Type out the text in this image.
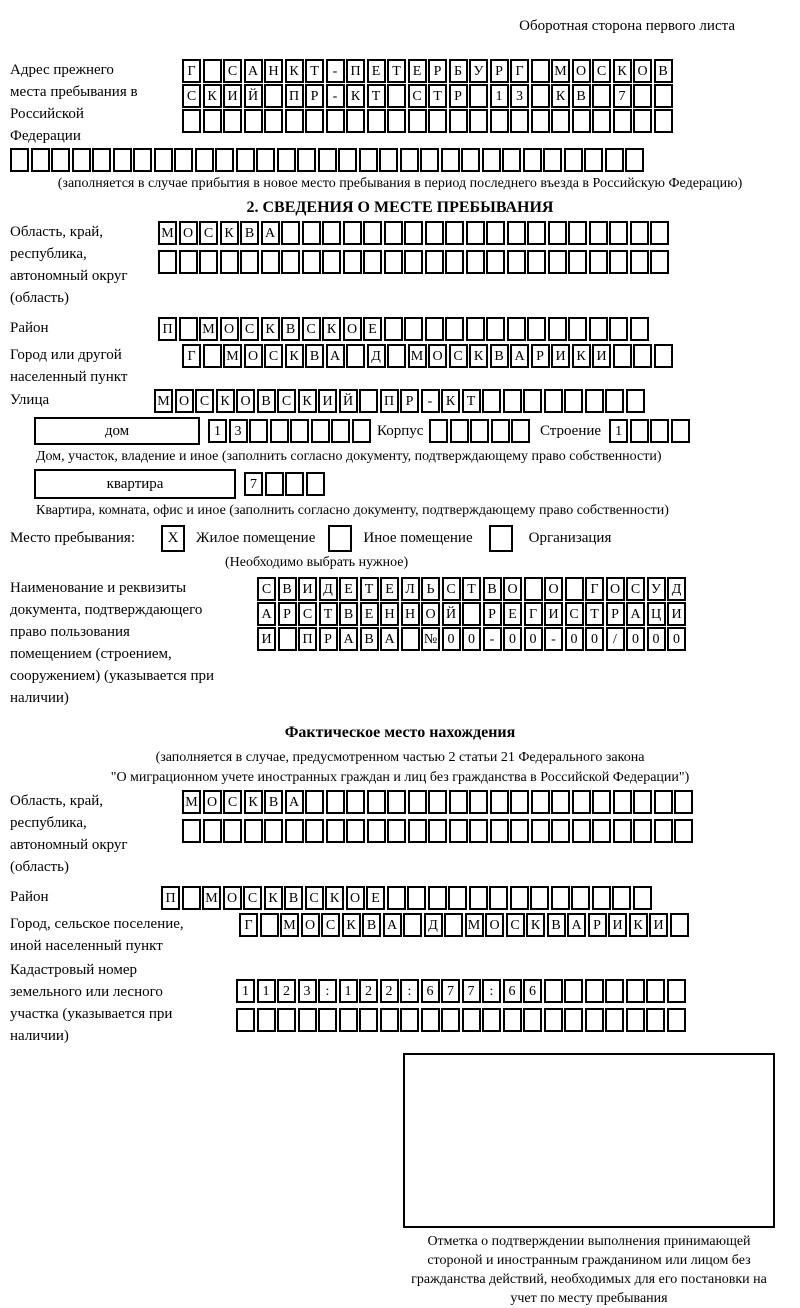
Оборотная сторона первого листа
Адрес прежнего места пребывания в Российской Федерации
Г	С А Н К Т - П Е Т Е Р Б У Р Г	М О С К О В
С К И Й	П Р	- К Т	С Т Р	1 3	К В	7
(заполняется в случае прибытия в новое место пребывания в период последнего въезда в Российскую Федерацию)
2. СВЕДЕНИЯ О МЕСТЕ ПРЕБЫВАНИЯ
Область, край, республика, автономный округ (область)
М О С К В А
Район	П	М О С К В С К О Е
Город или другой населенный пункт
Г	М О С К В А	Д	М О С К В А Р И К И
Улица	М О С К О В С К И Й	П Р	- К Т
дом	1 3	Корпус	Строение	1
Дом, участок, владение и иное (заполнить согласно документу, подтверждающему право собственности)
квартира	7
Квартира, комната, офис и иное (заполнить согласно документу, подтверждающему право собственности)
Место пребывания:	X	Жилое помещение	Иное помещение	Организация
(Необходимо выбрать нужное)
Наименование и реквизиты документа, подтверждающего право пользования помещением (строением, сооружением) (указывается при наличии)
С В И Д Е Т Е Л Ь С Т В О	О	Г О С У Д
А Р С Т В Е Н Н О Й	Р Е Г И С Т Р А Ц И
И	П Р А В А	№ 0 0	-	0 0	-	0 0	/	0 0 0
Фактическое место нахождения
(заполняется в случае, предусмотренном частью 2 статьи 21 Федерального закона
"О миграционном учете иностранных граждан и лиц без гражданства в Российской Федерации")
Область, край, республика, автономный округ (область)
М О С К В А
Район	П	М О С К В С К О Е
Город, сельское поселение, иной населенный пункт
Г	М О С К В А	Д	М О С К В А Р И К И
Кадастровый номер земельного или лесного участка (указывается при наличии)
1 1 2 3	:	1 2 2	:	6 7 7	:	6 6
Отметка о подтверждении выполнения принимающей стороной и иностранным гражданином или лицом без гражданства действий, необходимых для его постановки на учет по месту пребывания
